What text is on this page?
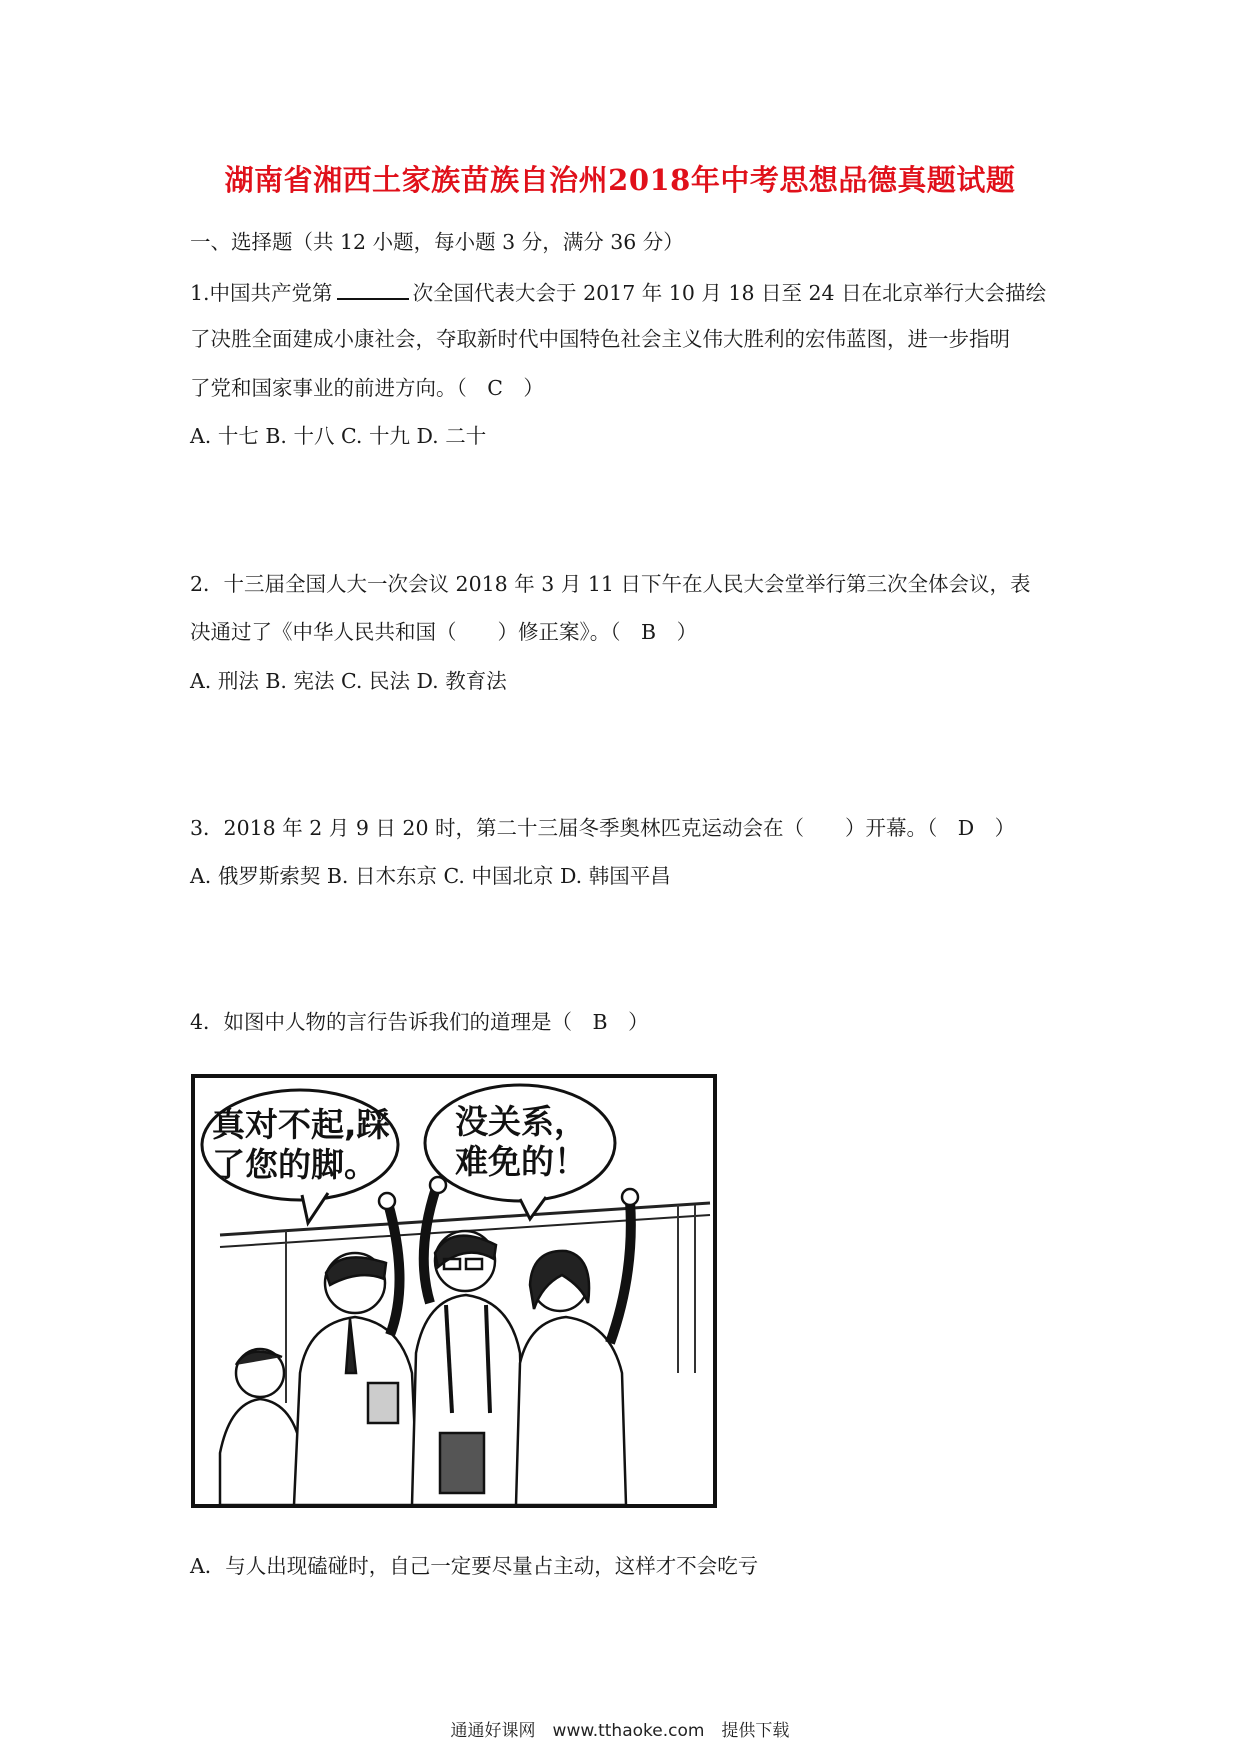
湖南省湘西土家族苗族自治州2018年中考思想品德真题试题
一、选择题（共 12 小题，每小题 3 分，满分 36 分）
1.中国共产党第	次全国代表大会于 2017 年 10 月 18 日至 24 日在北京举行大会描绘
了决胜全面建成小康社会，夺取新时代中国特色社会主义伟大胜利的宏伟蓝图，进一步指明
了党和国家事业的前进方向。（　C　）
A. 十七 B. 十八 C. 十九 D. 二十
2．十三届全国人大一次会议 2018 年 3 月 11 日下午在人民大会堂举行第三次全体会议，表
决通过了《中华人民共和国（　　）修正案》。（　B　）
A. 刑法 B. 宪法 C. 民法 D. 教育法
3．2018 年 2 月 9 日 20 时，第二十三届冬季奥林匹克运动会在（　　）开幕。（　D　）
A. 俄罗斯索契 B. 日木东京 C. 中国北京 D. 韩国平昌
4．如图中人物的言行告诉我们的道理是（　B　）
真对不起,踩
了您的脚。
没关系，
难免的！
A．与人出现磕碰时，自己一定要尽量占主动，这样才不会吃亏
通通好课网　www.tthaoke.com　提供下载
